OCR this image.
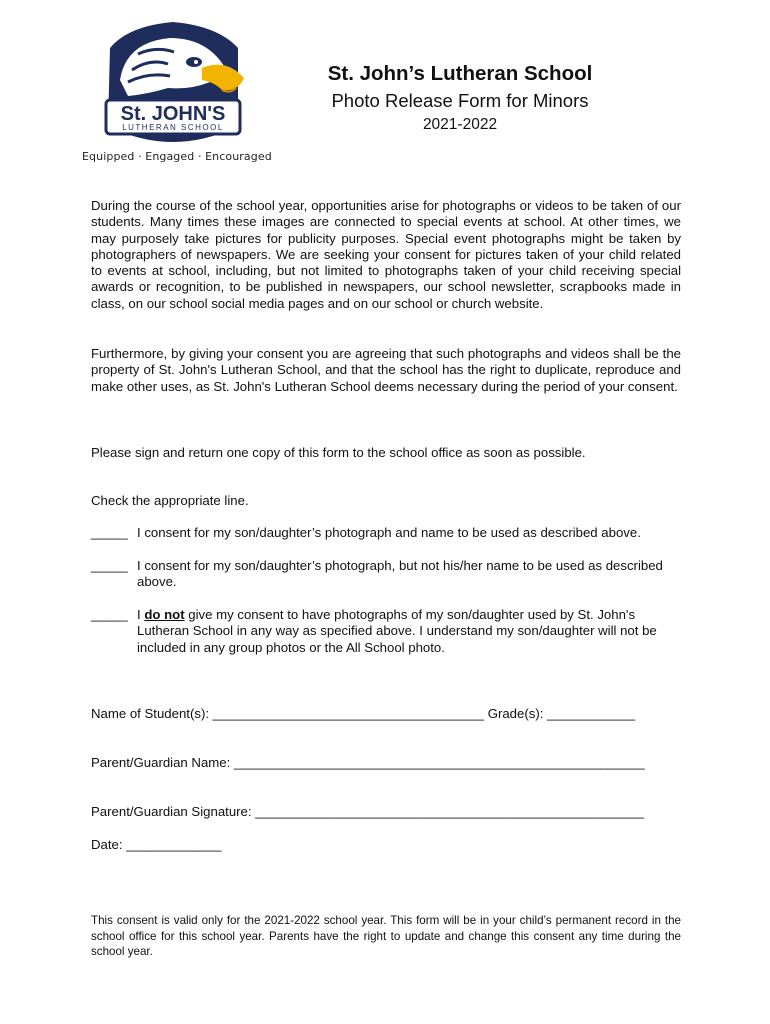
St. JOHN'S
LUTHERAN SCHOOL
Equipped · Engaged · Encouraged

St. John’s Lutheran School

Photo Release Form for Minors

2021-2022

During the course of the school year, opportunities arise for photographs or videos to be taken of our students. Many times these images are connected to special events at school. At other times, we may purposely take pictures for publicity purposes. Special event photographs might be taken by photographers of newspapers. We are seeking your consent for pictures taken of your child related to events at school, including, but not limited to photographs taken of your child receiving special awards or recognition, to be published in newspapers, our school newsletter, scrapbooks made in class, on our school social media pages and on our school or church website.

Furthermore, by giving your consent you are agreeing that such photographs and videos shall be the property of St. John's Lutheran School, and that the school has the right to duplicate, reproduce and make other uses, as St. John's Lutheran School deems necessary during the period of your consent.

Please sign and return one copy of this form to the school office as soon as possible.

Check the appropriate line.

_____ I consent for my son/daughter’s photograph and name to be used as described above.
_____ I consent for my son/daughter’s photograph, but not his/her name to be used as described above.
_____ I do not give my consent to have photographs of my son/daughter used by St. John's Lutheran School in any way as specified above. I understand my son/daughter will not be included in any group photos or the All School photo.

Name of Student(s): _____________________________________ Grade(s): ____________

Parent/Guardian Name: ________________________________________________________

Parent/Guardian Signature: _____________________________________________________

Date: _____________

This consent is valid only for the 2021-2022 school year. This form will be in your child’s permanent record in the school office for this school year. Parents have the right to update and change this consent any time during the school year.
